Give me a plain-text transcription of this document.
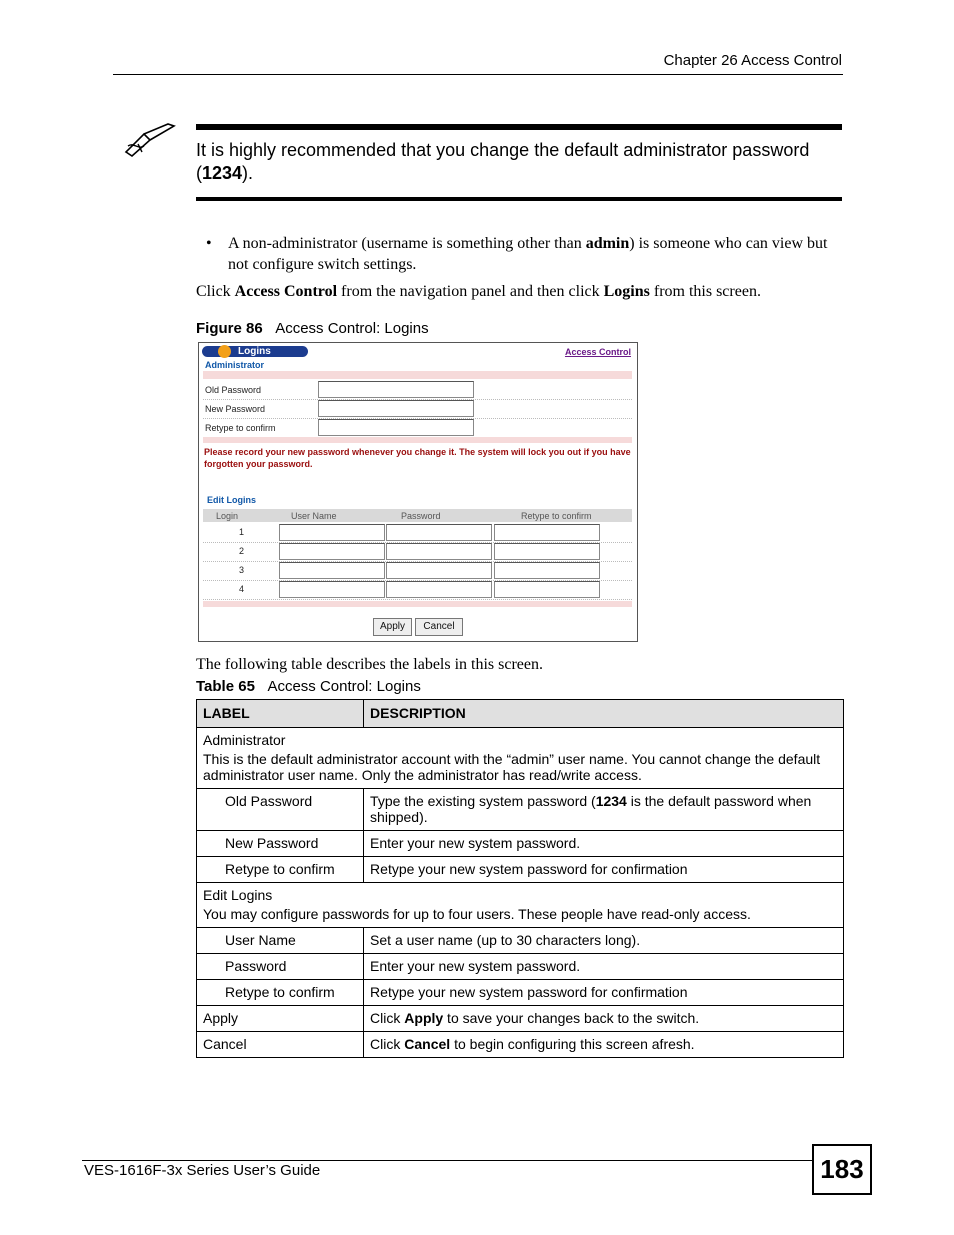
Chapter 26 Access Control
It is highly recommended that you change the default administrator password (1234).
•	A non-administrator (username is something other than admin) is someone who can view but not configure switch settings.
Click Access Control from the navigation panel and then click Logins from this screen.
Figure 86 Access Control: Logins
Logins	Access Control
Administrator
Old Password
New Password
Retype to confirm
Please record your new password whenever you change it. The system will lock you out if you have forgotten your password.
Edit Logins
Login	User Name	Password	Retype to confirm
1
2
3
4
Apply	Cancel
The following table describes the labels in this screen.
Table 65 Access Control: Logins
LABEL	DESCRIPTION

Administrator
This is the default administrator account with the “admin” user name. You cannot change the default administrator user name. Only the administrator has read/write access.	

Old Password	Type the existing system password (1234 is the default password when shipped).
New Password	Enter your new system password.
Retype to confirm	Retype your new system password for confirmation

Edit Logins
You may configure passwords for up to four users. These people have read-only access.	

User Name	Set a user name (up to 30 characters long).
Password	Enter your new system password.
Retype to confirm	Retype your new system password for confirmation
Apply	Click Apply to save your changes back to the switch.
Cancel	Click Cancel to begin configuring this screen afresh.
VES-1616F-3x Series User’s Guide	183
